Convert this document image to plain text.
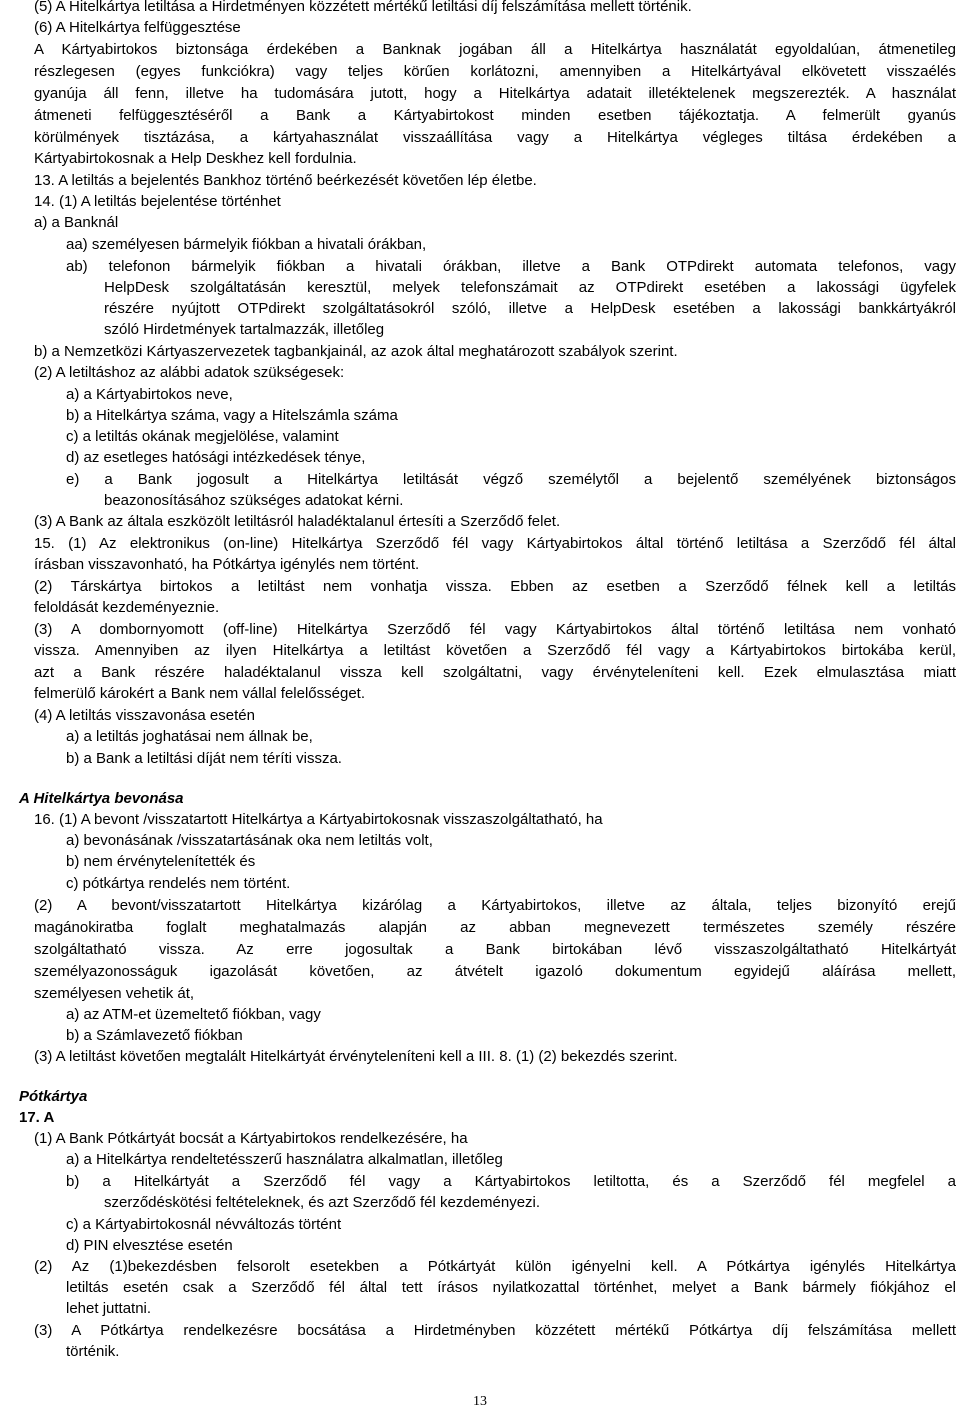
(5) A Hitelkártya letiltása a Hirdetményen közzétett mértékű letiltási díj felszámítása mellett történik.
(6) A Hitelkártya felfüggesztése
A Kártyabirtokos biztonsága érdekében a Banknak jogában áll a Hitelkártya használatát egyoldalúan, átmenetileg
részlegesen (egyes funkciókra) vagy teljes körűen korlátozni, amennyiben a Hitelkártyával elkövetett visszaélés
gyanúja áll fenn, illetve ha tudomására jutott, hogy a Hitelkártya adatait illetéktelenek megszerezték. A használat
átmeneti felfüggesztéséről a Bank a Kártyabirtokost minden esetben tájékoztatja. A felmerült gyanús
körülmények tisztázása, a kártyahasználat visszaállítása vagy a Hitelkártya végleges tiltása érdekében a
Kártyabirtokosnak a Help Deskhez kell fordulnia.
13. A letiltás a bejelentés Bankhoz történő beérkezését követően lép életbe.
14. (1) A letiltás bejelentése történhet
a) a Banknál
aa) személyesen bármelyik fiókban a hivatali órákban,
ab) telefonon bármelyik fiókban a hivatali órákban, illetve a Bank OTPdirekt automata telefonos, vagy
HelpDesk szolgáltatásán keresztül, melyek telefonszámait az OTPdirekt esetében a lakossági ügyfelek
részére nyújtott OTPdirekt szolgáltatásokról szóló, illetve a HelpDesk esetében a lakossági bankkártyákról
szóló Hirdetmények tartalmazzák, illetőleg
b) a Nemzetközi Kártyaszervezetek tagbankjainál, az azok által meghatározott szabályok szerint.
(2) A letiltáshoz az alábbi adatok szükségesek:
a) a Kártyabirtokos neve,
b) a Hitelkártya száma, vagy a Hitelszámla száma
c) a letiltás okának megjelölése, valamint
d) az esetleges hatósági intézkedések ténye,
e) a Bank jogosult a Hitelkártya letiltását végző személytől a bejelentő személyének biztonságos
beazonosításához szükséges adatokat kérni.
(3) A Bank az általa eszközölt letiltásról haladéktalanul értesíti a Szerződő felet.
15. (1) Az elektronikus (on-line) Hitelkártya Szerződő fél vagy Kártyabirtokos által történő letiltása a Szerződő fél által
írásban visszavonható, ha Pótkártya igénylés nem történt.
(2) Társkártya birtokos a letiltást nem vonhatja vissza. Ebben az esetben a Szerződő félnek kell a letiltás
feloldását kezdeményeznie.
(3) A dombornyomott (off-line) Hitelkártya Szerződő fél vagy Kártyabirtokos által történő letiltása nem vonható
vissza. Amennyiben az ilyen Hitelkártya a letiltást követően a Szerződő fél vagy a Kártyabirtokos birtokába kerül,
azt a Bank részére haladéktalanul vissza kell szolgáltatni, vagy érvényteleníteni kell. Ezek elmulasztása miatt
felmerülő károkért a Bank nem vállal felelősséget.
(4) A letiltás visszavonása esetén
a) a letiltás joghatásai nem állnak be,
b) a Bank a letiltási díját nem téríti vissza.
A Hitelkártya bevonása
16. (1) A bevont /visszatartott Hitelkártya a Kártyabirtokosnak visszaszolgáltatható, ha
a) bevonásának /visszatartásának oka nem letiltás volt,
b) nem érvénytelenítették és
c) pótkártya rendelés nem történt.
(2) A bevont/visszatartott Hitelkártya kizárólag a Kártyabirtokos, illetve az általa, teljes bizonyító erejű
magánokiratba foglalt meghatalmazás alapján az abban megnevezett természetes személy részére
szolgáltatható vissza. Az erre jogosultak a Bank birtokában lévő visszaszolgáltatható Hitelkártyát
személyazonosságuk igazolását követően, az átvételt igazoló dokumentum egyidejű aláírása mellett,
személyesen vehetik át,
a) az ATM-et üzemeltető fiókban, vagy
b) a Számlavezető fiókban
(3) A letiltást követően megtalált Hitelkártyát érvényteleníteni kell a III. 8. (1) (2) bekezdés szerint.
Pótkártya
17. A
(1) A Bank Pótkártyát bocsát a Kártyabirtokos rendelkezésére, ha
a) a Hitelkártya rendeltetésszerű használatra alkalmatlan, illetőleg
b) a Hitelkártyát a Szerződő fél vagy a Kártyabirtokos letiltotta, és a Szerződő fél megfelel a
szerződéskötési feltételeknek, és azt Szerződő fél kezdeményezi.
c) a Kártyabirtokosnál névváltozás történt
d) PIN elvesztése esetén
(2) Az (1)bekezdésben felsorolt esetekben a Pótkártyát külön igényelni kell. A Pótkártya igénylés Hitelkártya
letiltás esetén csak a Szerződő fél által tett írásos nyilatkozattal történhet, melyet a Bank bármely fiókjához el
lehet juttatni.
(3) A Pótkártya rendelkezésre bocsátása a Hirdetményben közzétett mértékű Pótkártya díj felszámítása mellett
történik.
13
